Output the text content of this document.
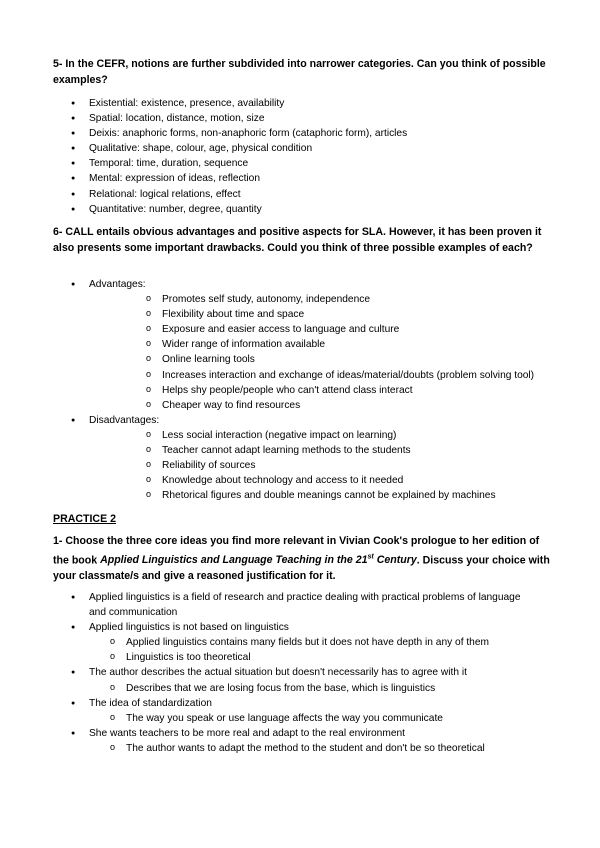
5- In the CEFR, notions are further subdivided into narrower categories. Can you think of possible examples?
● Existential: existence, presence, availability
● Spatial: location, distance, motion, size
● Deixis: anaphoric forms, non-anaphoric form (cataphoric form), articles
● Qualitative: shape, colour, age, physical condition
● Temporal: time, duration, sequence
● Mental: expression of ideas, reflection
● Relational: logical relations, effect
● Quantitative: number, degree, quantity
6- CALL entails obvious advantages and positive aspects for SLA. However, it has been proven it also presents some important drawbacks. Could you think of three possible examples of each?
● Advantages:
o Promotes self study, autonomy, independence
o Flexibility about time and space
o Exposure and easier access to language and culture
o Wider range of information available
o Online learning tools
o Increases interaction and exchange of ideas/material/doubts (problem solving tool)
o Helps shy people/people who can't attend class interact
o Cheaper way to find resources
● Disadvantages:
o Less social interaction (negative impact on learning)
o Teacher cannot adapt learning methods to the students
o Reliability of sources
o Knowledge about technology and access to it needed
o Rhetorical figures and double meanings cannot be explained by machines
PRACTICE 2
1- Choose the three core ideas you find more relevant in Vivian Cook's prologue to her edition of the book Applied Linguistics and Language Teaching in the 21st Century. Discuss your choice with your classmate/s and give a reasoned justification for it.
● Applied linguistics is a field of research and practice dealing with practical problems of language and communication
● Applied linguistics is not based on linguistics
o Applied linguistics contains many fields but it does not have depth in any of them
o Linguistics is too theoretical
● The author describes the actual situation but doesn't necessarily has to agree with it
o Describes that we are losing focus from the base, which is linguistics
● The idea of standardization
o The way you speak or use language affects the way you communicate
● She wants teachers to be more real and adapt to the real environment
o The author wants to adapt the method to the student and don't be so theoretical
